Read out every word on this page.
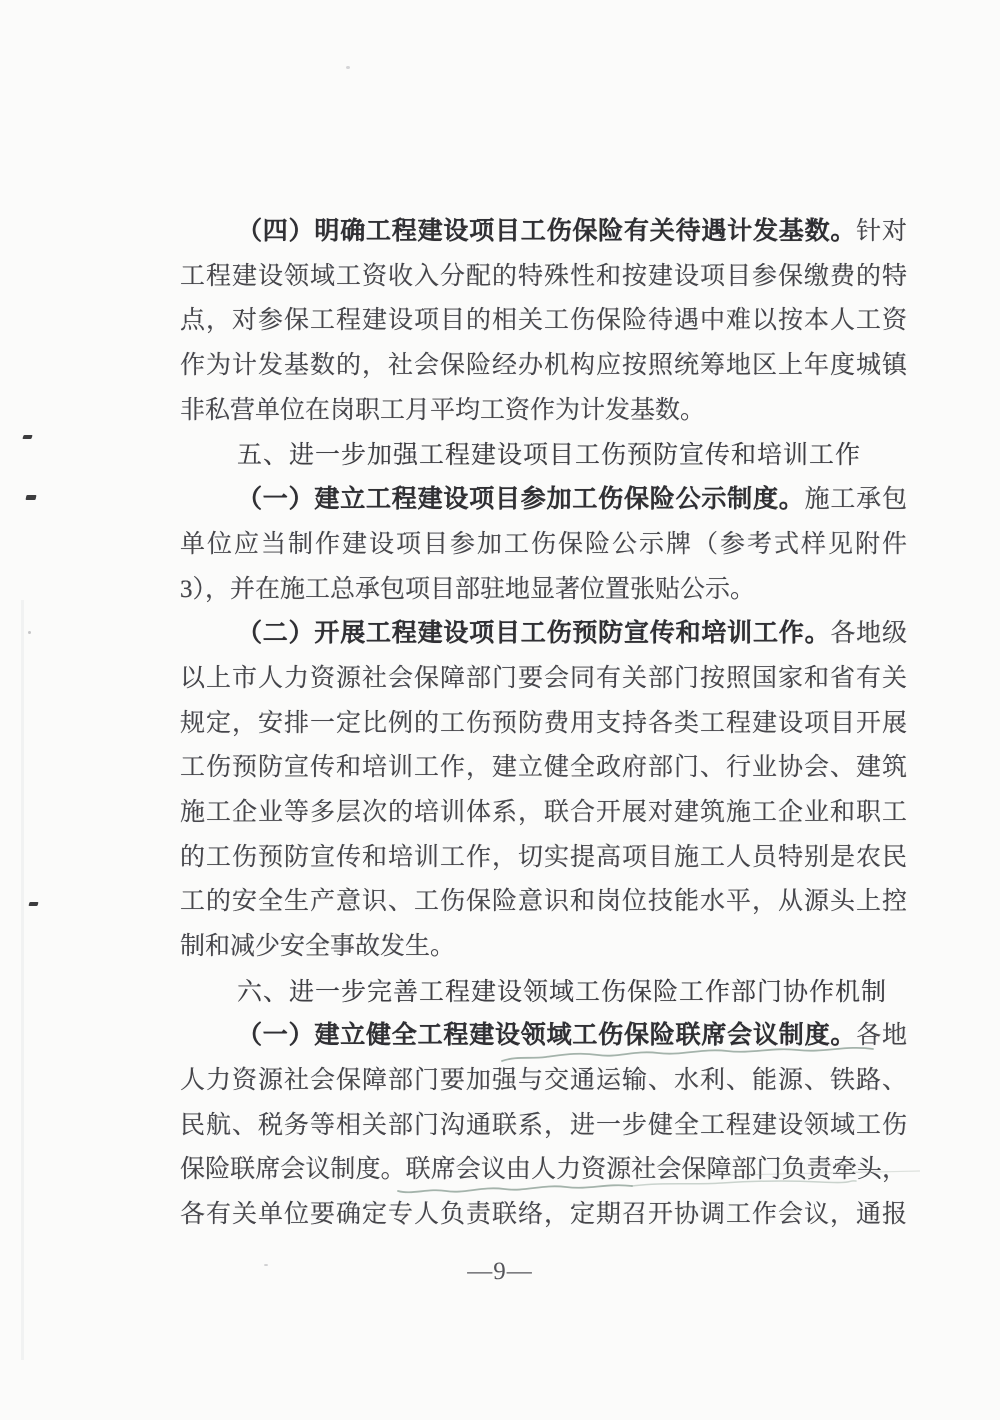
（四）明确工程建设项目工伤保险有关待遇计发基数。针对
工程建设领域工资收入分配的特殊性和按建设项目参保缴费的特
点，对参保工程建设项目的相关工伤保险待遇中难以按本人工资
作为计发基数的，社会保险经办机构应按照统筹地区上年度城镇
非私营单位在岗职工月平均工资作为计发基数。
五、进一步加强工程建设项目工伤预防宣传和培训工作
（一）建立工程建设项目参加工伤保险公示制度。施工承包
单位应当制作建设项目参加工伤保险公示牌（参考式样见附件
3），并在施工总承包项目部驻地显著位置张贴公示。
（二）开展工程建设项目工伤预防宣传和培训工作。各地级
以上市人力资源社会保障部门要会同有关部门按照国家和省有关
规定，安排一定比例的工伤预防费用支持各类工程建设项目开展
工伤预防宣传和培训工作，建立健全政府部门、行业协会、建筑
施工企业等多层次的培训体系，联合开展对建筑施工企业和职工
的工伤预防宣传和培训工作，切实提高项目施工人员特别是农民
工的安全生产意识、工伤保险意识和岗位技能水平，从源头上控
制和减少安全事故发生。
六、进一步完善工程建设领域工伤保险工作部门协作机制
（一）建立健全工程建设领域工伤保险联席会议制度。各地
人力资源社会保障部门要加强与交通运输、水利、能源、铁路、
民航、税务等相关部门沟通联系，进一步健全工程建设领域工伤
保险联席会议制度。联席会议由人力资源社会保障部门负责牵头，
各有关单位要确定专人负责联络，定期召开协调工作会议，通报
—9—
